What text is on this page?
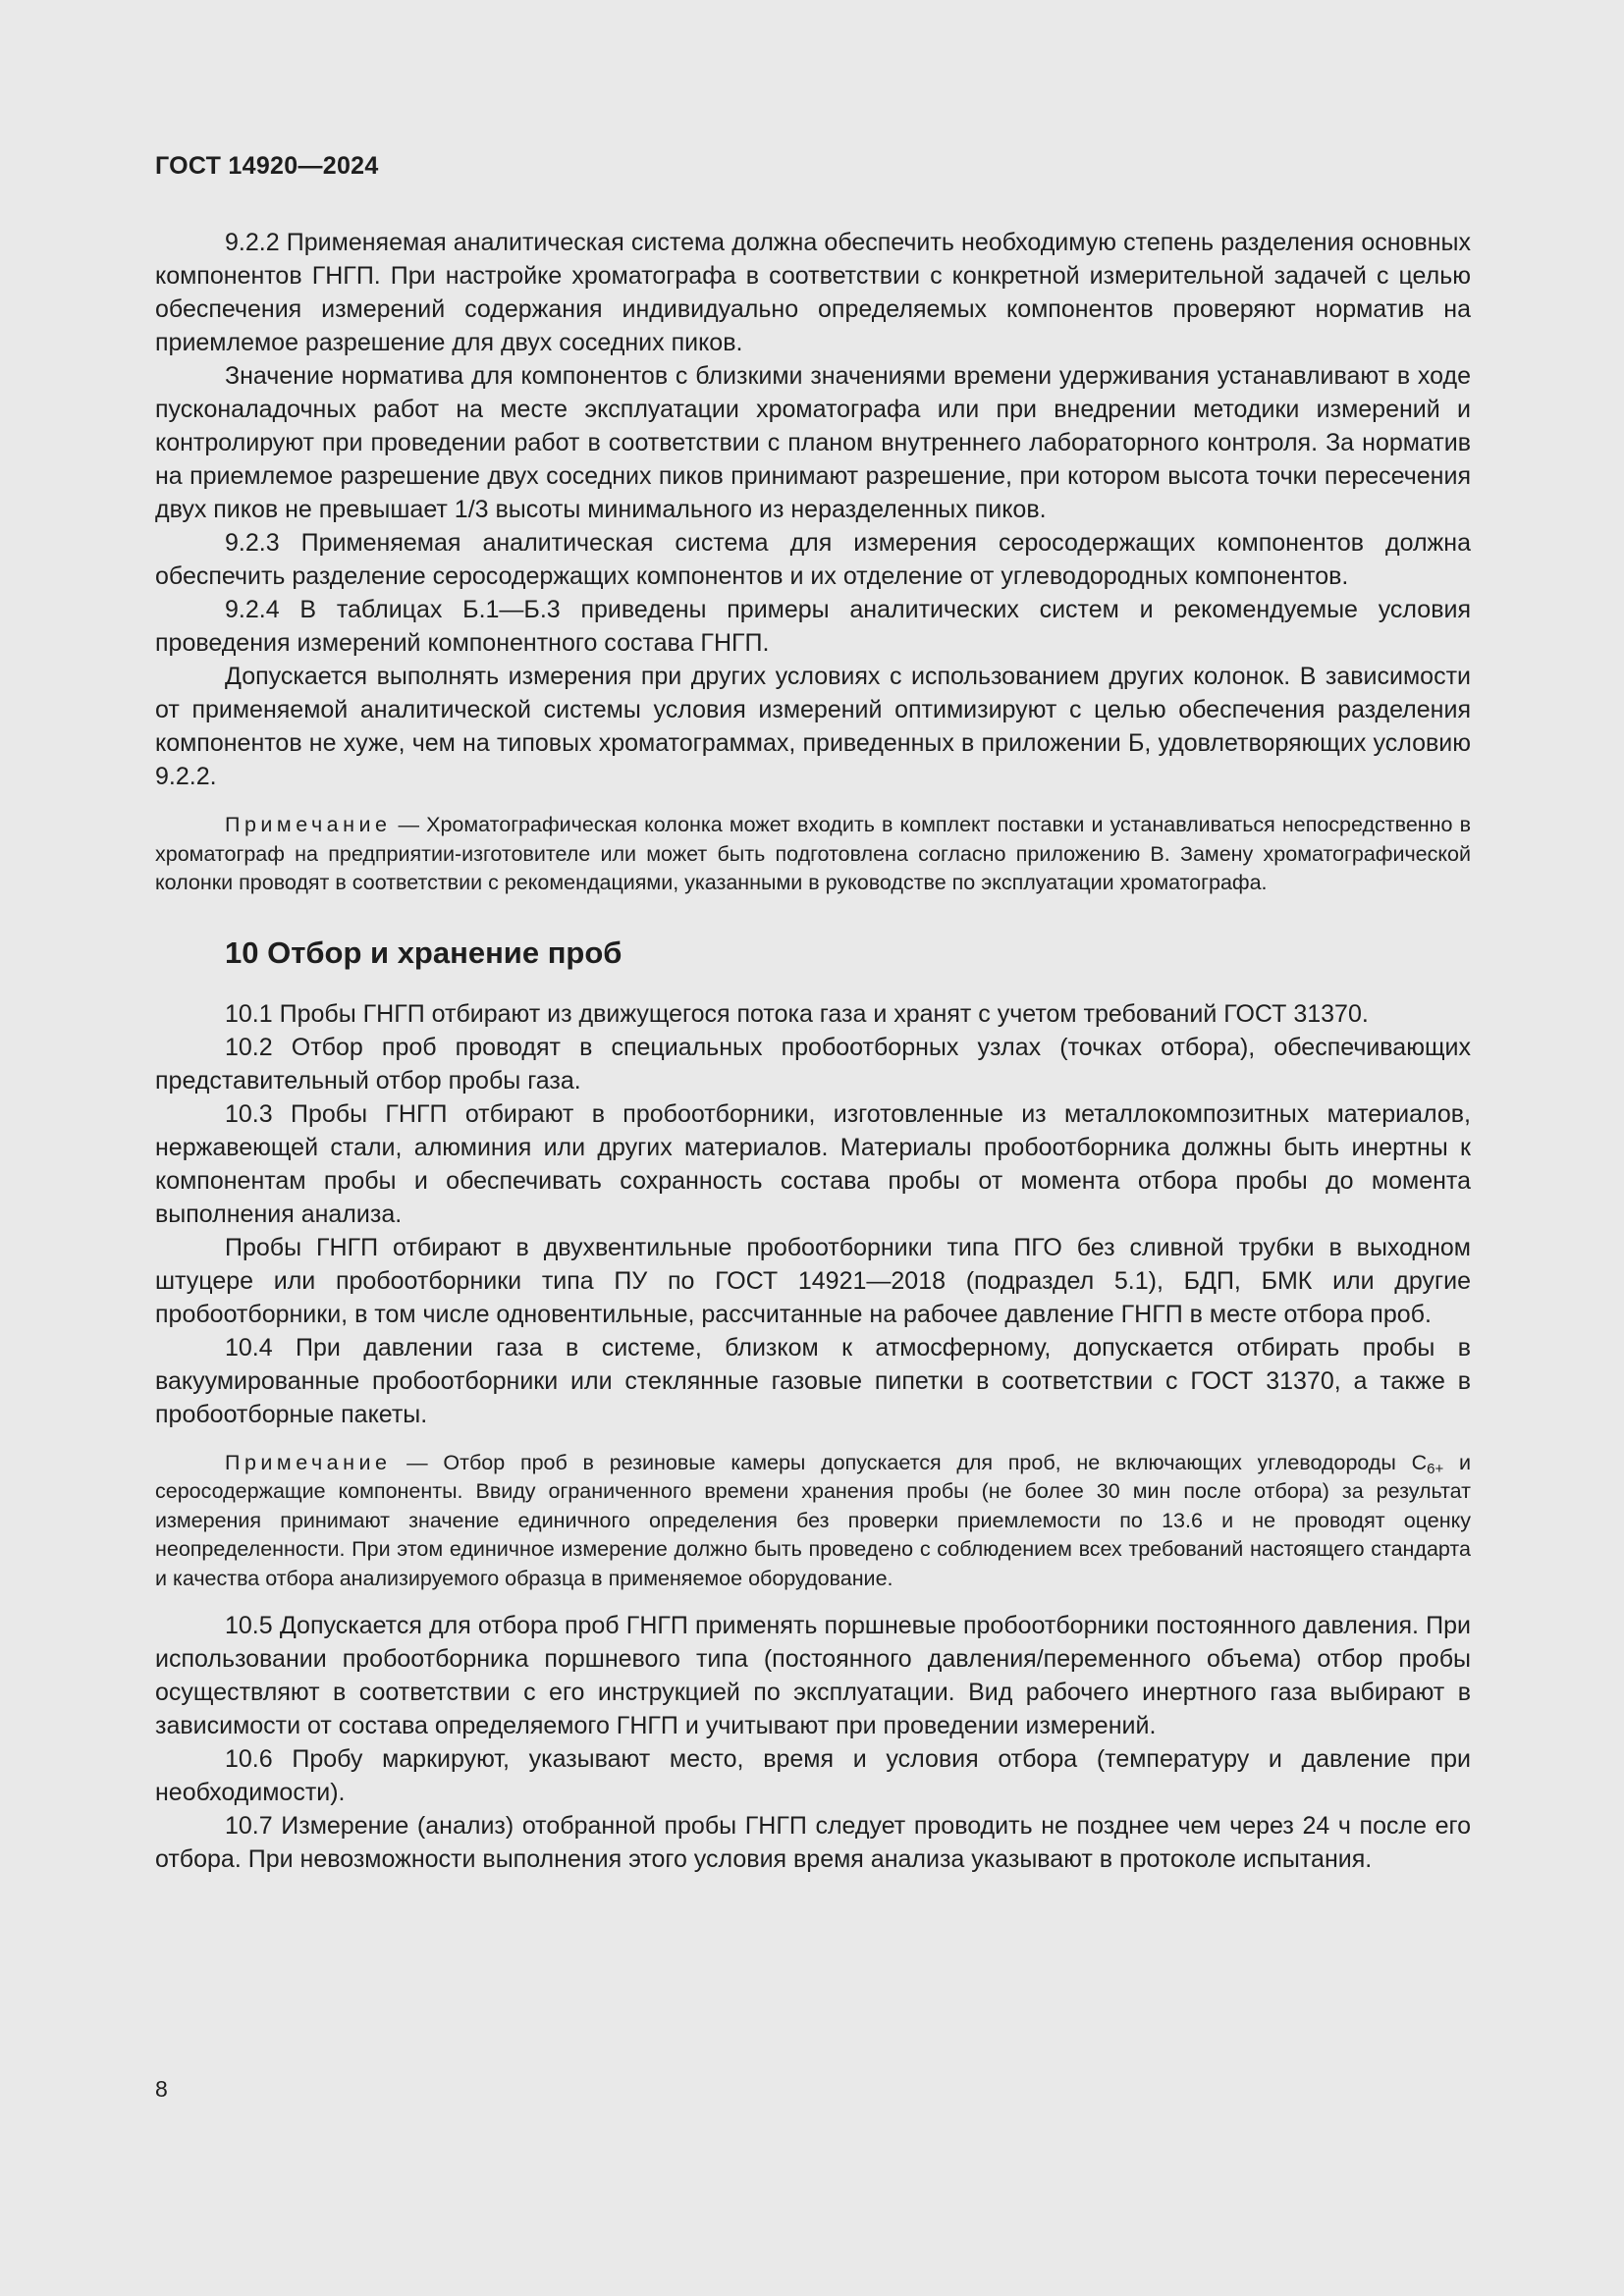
ГОСТ 14920—2024

9.2.2 Применяемая аналитическая система должна обеспечить необходимую степень разделения основных компонентов ГНГП. При настройке хроматографа в соответствии с конкретной измерительной задачей с целью обеспечения измерений содержания индивидуально определяемых компонентов проверяют норматив на приемлемое разрешение для двух соседних пиков.

Значение норматива для компонентов с близкими значениями времени удерживания устанавливают в ходе пусконаладочных работ на месте эксплуатации хроматографа или при внедрении методики измерений и контролируют при проведении работ в соответствии с планом внутреннего лабораторного контроля. За норматив на приемлемое разрешение двух соседних пиков принимают разрешение, при котором высота точки пересечения двух пиков не превышает 1/3 высоты минимального из неразделенных пиков.

9.2.3 Применяемая аналитическая система для измерения серосодержащих компонентов должна обеспечить разделение серосодержащих компонентов и их отделение от углеводородных компонентов.

9.2.4 В таблицах Б.1—Б.3 приведены примеры аналитических систем и рекомендуемые условия проведения измерений компонентного состава ГНГП.

Допускается выполнять измерения при других условиях с использованием других колонок. В зависимости от применяемой аналитической системы условия измерений оптимизируют с целью обеспечения разделения компонентов не хуже, чем на типовых хроматограммах, приведенных в приложении Б, удовлетворяющих условию 9.2.2.

Примечание — Хроматографическая колонка может входить в комплект поставки и устанавливаться непосредственно в хроматограф на предприятии-изготовителе или может быть подготовлена согласно приложению В. Замену хроматографической колонки проводят в соответствии с рекомендациями, указанными в руководстве по эксплуатации хроматографа.

10 Отбор и хранение проб

10.1 Пробы ГНГП отбирают из движущегося потока газа и хранят с учетом требований ГОСТ 31370.

10.2 Отбор проб проводят в специальных пробоотборных узлах (точках отбора), обеспечивающих представительный отбор пробы газа.

10.3 Пробы ГНГП отбирают в пробоотборники, изготовленные из металлокомпозитных материалов, нержавеющей стали, алюминия или других материалов. Материалы пробоотборника должны быть инертны к компонентам пробы и обеспечивать сохранность состава пробы от момента отбора пробы до момента выполнения анализа.

Пробы ГНГП отбирают в двухвентильные пробоотборники типа ПГО без сливной трубки в выходном штуцере или пробоотборники типа ПУ по ГОСТ 14921—2018 (подраздел 5.1), БДП, БМК или другие пробоотборники, в том числе одновентильные, рассчитанные на рабочее давление ГНГП в месте отбора проб.

10.4 При давлении газа в системе, близком к атмосферному, допускается отбирать пробы в вакуумированные пробоотборники или стеклянные газовые пипетки в соответствии с ГОСТ 31370, а также в пробоотборные пакеты.

Примечание — Отбор проб в резиновые камеры допускается для проб, не включающих углеводороды $С_{6+}$ и серосодержащие компоненты. Ввиду ограниченного времени хранения пробы (не более 30 мин после отбора) за результат измерения принимают значение единичного определения без проверки приемлемости по 13.6 и не проводят оценку неопределенности. При этом единичное измерение должно быть проведено с соблюдением всех требований настоящего стандарта и качества отбора анализируемого образца в применяемое оборудование.

10.5 Допускается для отбора проб ГНГП применять поршневые пробоотборники постоянного давления. При использовании пробоотборника поршневого типа (постоянного давления/переменного объема) отбор пробы осуществляют в соответствии с его инструкцией по эксплуатации. Вид рабочего инертного газа выбирают в зависимости от состава определяемого ГНГП и учитывают при проведении измерений.

10.6 Пробу маркируют, указывают место, время и условия отбора (температуру и давление при необходимости).

10.7 Измерение (анализ) отобранной пробы ГНГП следует проводить не позднее чем через 24 ч после его отбора. При невозможности выполнения этого условия время анализа указывают в протоколе испытания.

8
